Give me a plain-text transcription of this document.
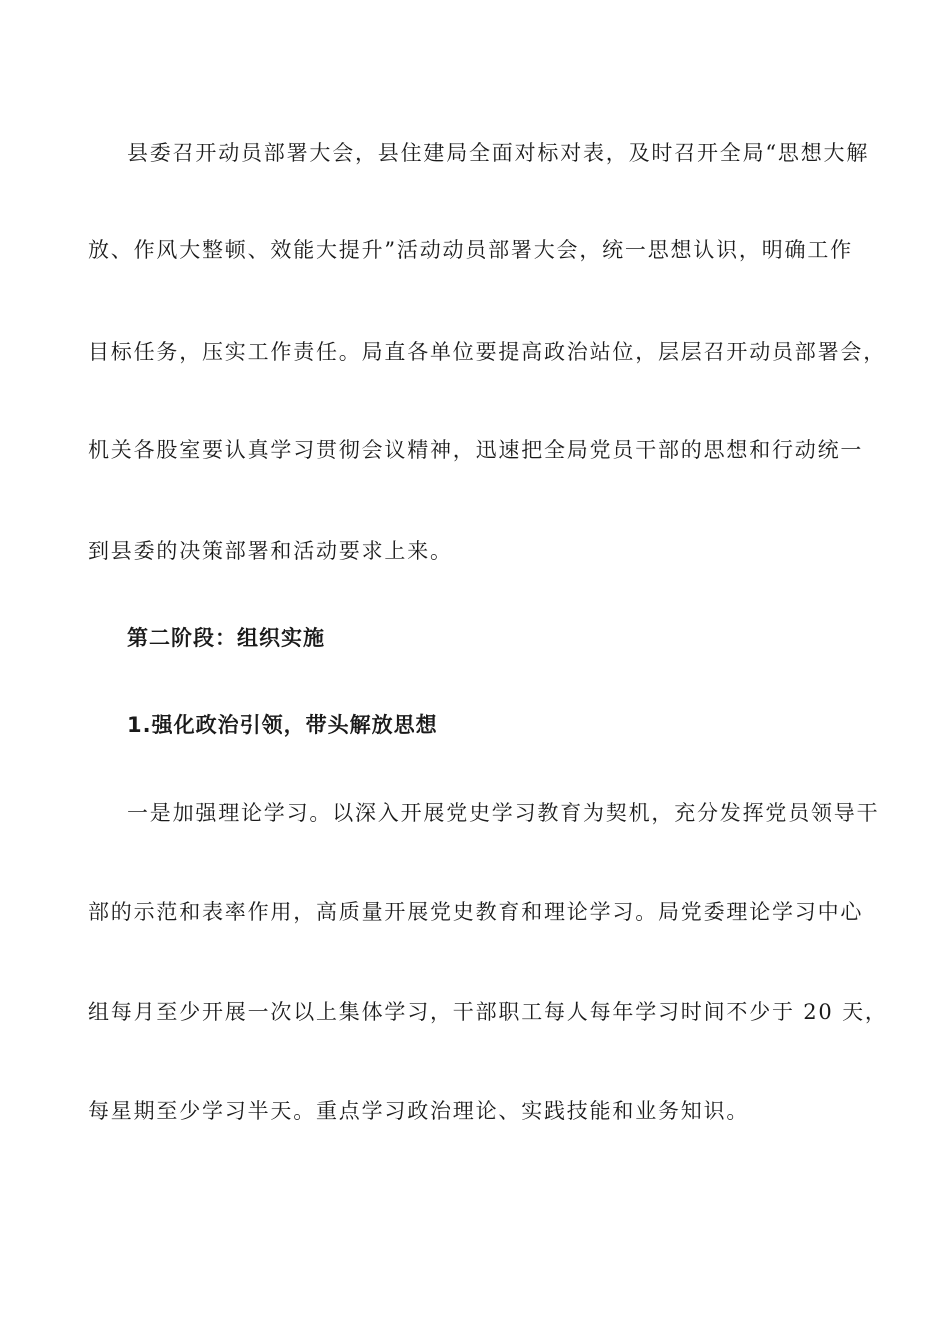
县委召开动员部署大会，县住建局全面对标对表，及时召开全局“思想大解
放、作风大整顿、效能大提升”活动动员部署大会，统一思想认识，明确工作
目标任务，压实工作责任。局直各单位要提高政治站位，层层召开动员部署会，
机关各股室要认真学习贯彻会议精神，迅速把全局党员干部的思想和行动统一
到县委的决策部署和活动要求上来。
第二阶段：组织实施
1.强化政治引领，带头解放思想
一是加强理论学习。以深入开展党史学习教育为契机，充分发挥党员领导干
部的示范和表率作用，高质量开展党史教育和理论学习。局党委理论学习中心
组每月至少开展一次以上集体学习，干部职工每人每年学习时间不少于 20 天，
每星期至少学习半天。重点学习政治理论、实践技能和业务知识。
